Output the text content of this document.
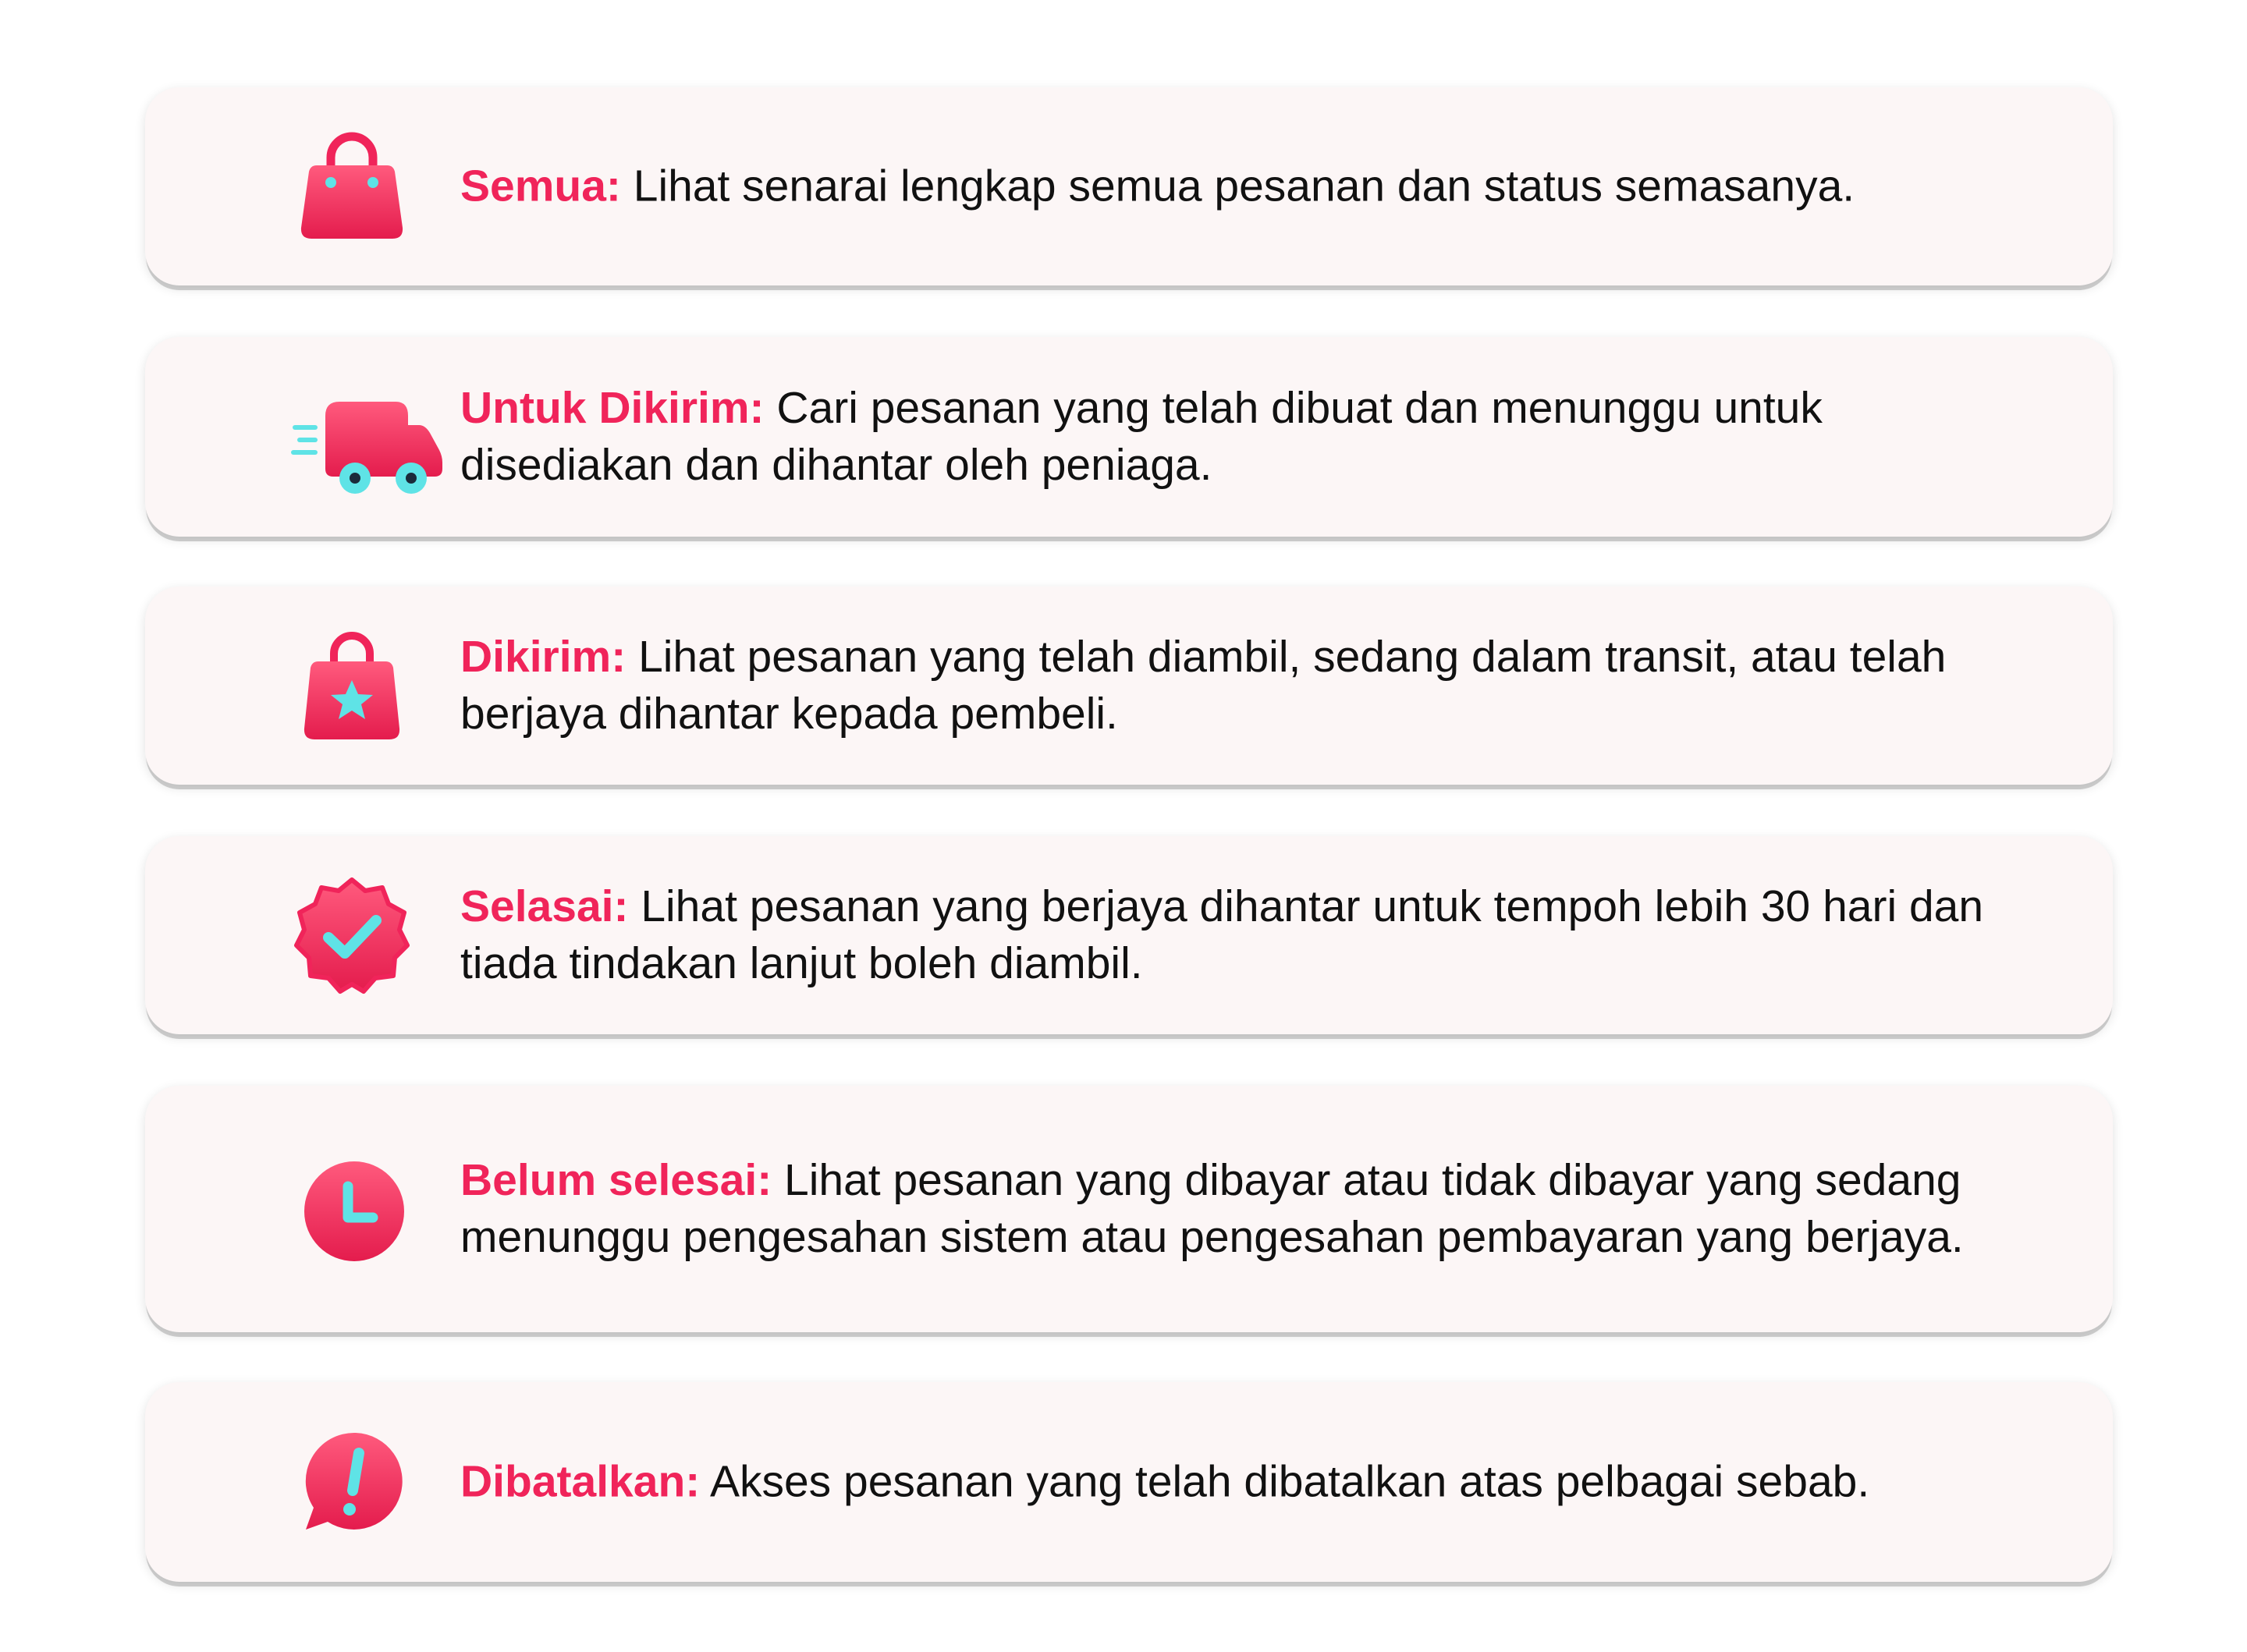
Semua: Lihat senarai lengkap semua pesanan dan status semasanya.
Untuk Dikirim: Cari pesanan yang telah dibuat dan menunggu untuk disediakan dan dihantar oleh peniaga.
Dikirim: Lihat pesanan yang telah diambil, sedang dalam transit, atau telah berjaya dihantar kepada pembeli.
Selasai: Lihat pesanan yang berjaya dihantar untuk tempoh lebih 30 hari dan tiada tindakan lanjut boleh diambil.
Belum selesai: Lihat pesanan yang dibayar atau tidak dibayar yang sedang menunggu pengesahan sistem atau pengesahan pembayaran yang berjaya.
Dibatalkan: Akses pesanan yang telah dibatalkan atas pelbagai sebab.
